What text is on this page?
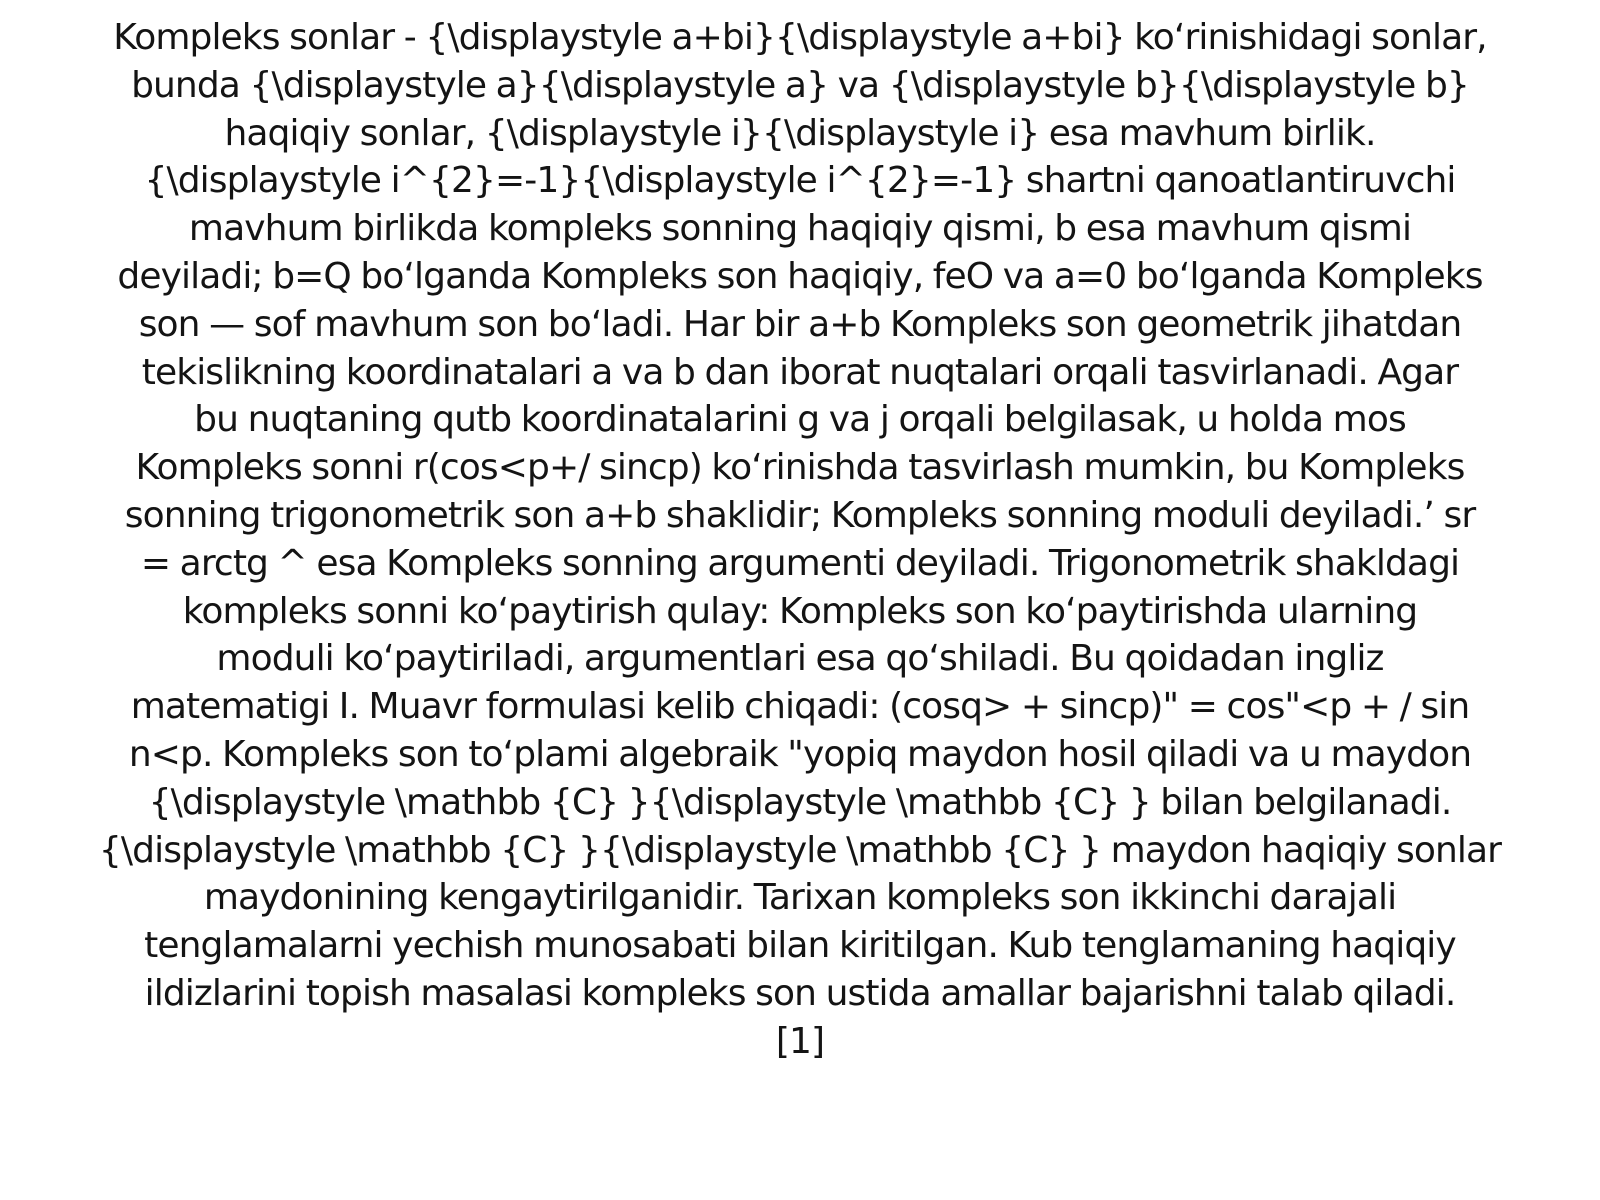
Kompleks sonlar - {\displaystyle a+bi}{\displaystyle a+bi} ko‘rinishidagi sonlar,
bunda {\displaystyle a}{\displaystyle a} va {\displaystyle b}{\displaystyle b}
haqiqiy sonlar, {\displaystyle i}{\displaystyle i} esa mavhum birlik.
{\displaystyle i^{2}=-1}{\displaystyle i^{2}=-1} shartni qanoatlantiruvchi
mavhum birlikda kompleks sonning haqiqiy qismi, b esa mavhum qismi
deyiladi; b=Q bo‘lganda Kompleks son haqiqiy, feO va a=0 bo‘lganda Kompleks
son — sof mavhum son bo‘ladi. Har bir a+b Kompleks son geometrik jihatdan
tekislikning koordinatalari a va b dan iborat nuqtalari orqali tasvirlanadi. Agar
bu nuqtaning qutb koordinatalarini g va j orqali belgilasak, u holda mos
Kompleks sonni r(cos<p+/ sincp) ko‘rinishda tasvirlash mumkin, bu Kompleks
sonning trigonometrik son a+b shaklidir; Kompleks sonning moduli deyiladi.’ sr
= arctg ^ esa Kompleks sonning argumenti deyiladi. Trigonometrik shakldagi
kompleks sonni ko‘paytirish qulay: Kompleks son ko‘paytirishda ularning
moduli ko‘paytiriladi, argumentlari esa qo‘shiladi. Bu qoidadan ingliz
matematigi I. Muavr formulasi kelib chiqadi: (cosq> + sincp)" = cos"<p + / sin
n<p. Kompleks son to‘plami algebraik "yopiq maydon hosil qiladi va u maydon
{\displaystyle \mathbb {C} }{\displaystyle \mathbb {C} } bilan belgilanadi.
{\displaystyle \mathbb {C} }{\displaystyle \mathbb {C} } maydon haqiqiy sonlar
maydonining kengaytirilganidir. Tarixan kompleks son ikkinchi darajali
tenglamalarni yechish munosabati bilan kiritilgan. Kub tenglamaning haqiqiy
ildizlarini topish masalasi kompleks son ustida amallar bajarishni talab qiladi.
[1]
